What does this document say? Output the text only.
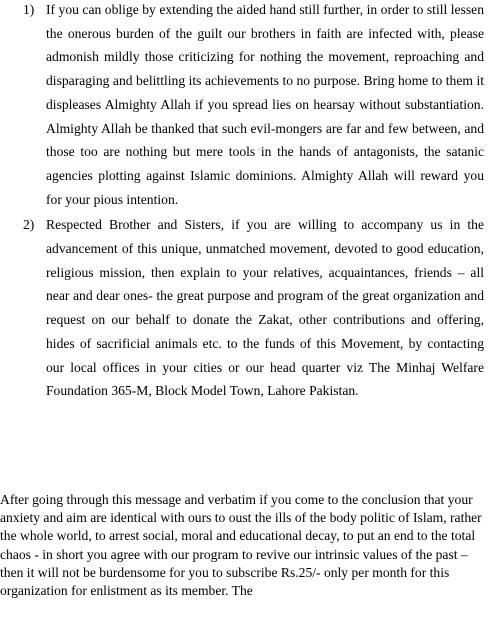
1) If you can oblige by extending the aided hand still further, in order to still lessen the onerous burden of the guilt our brothers in faith are infected with, please admonish mildly those criticizing for nothing the movement, reproaching and disparaging and belittling its achievements to no purpose. Bring home to them it displeases Almighty Allah if you spread lies on hearsay without substantiation. Almighty Allah be thanked that such evil-mongers are far and few between, and those too are nothing but mere tools in the hands of antagonists, the satanic agencies plotting against Islamic dominions. Almighty Allah will reward you for your pious intention.

2) Respected Brother and Sisters, if you are willing to accompany us in the advancement of this unique, unmatched movement, devoted to good education, religious mission, then explain to your relatives, acquaintances, friends – all near and dear ones- the great purpose and program of the great organization and request on our behalf to donate the Zakat, other contributions and offering, hides of sacrificial animals etc. to the funds of this Movement, by contacting our local offices in your cities or our head quarter viz The Minhaj Welfare Foundation 365-M, Block Model Town, Lahore Pakistan.

After going through this message and verbatim if you come to the conclusion that your anxiety and aim are identical with ours to oust the ills of the body politic of Islam, rather the whole world, to arrest social, moral and educational decay, to put an end to the total chaos - in short you agree with our program to revive our intrinsic values of the past – then it will not be burdensome for you to subscribe Rs.25/- only per month for this organization for enlistment as its member. The
